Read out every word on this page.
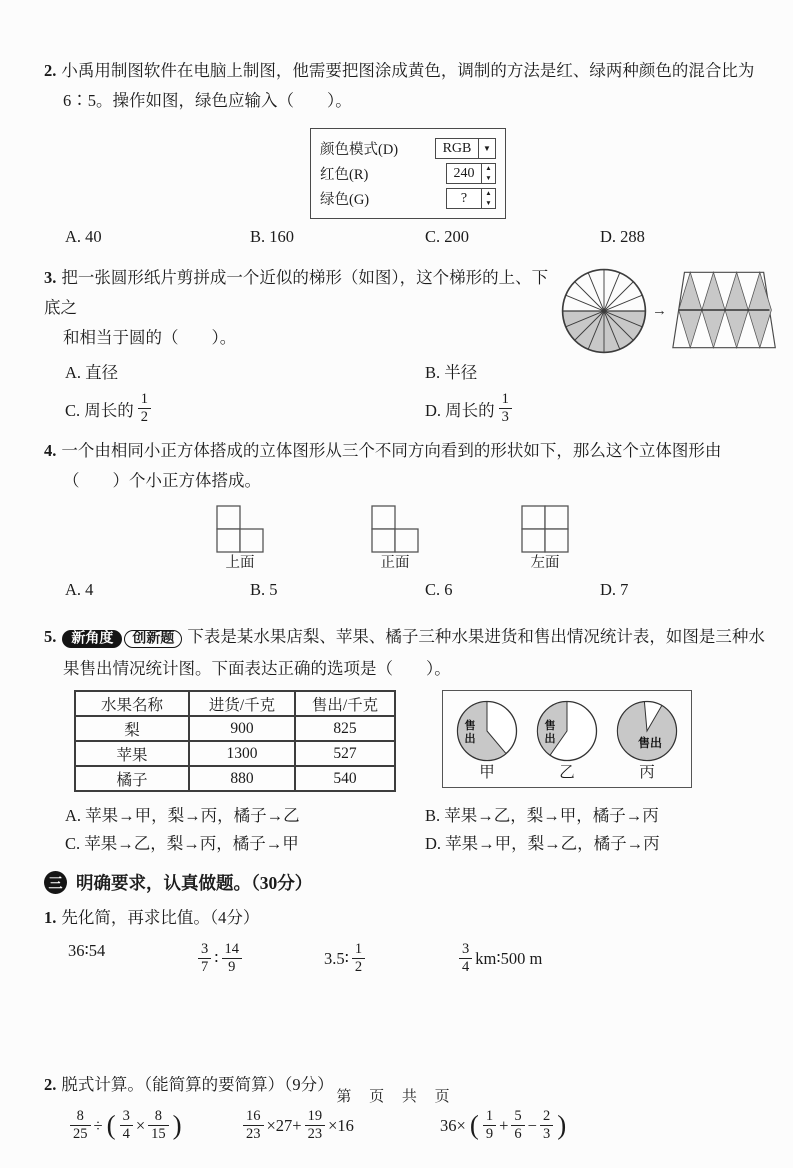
2. 小禹用制图软件在电脑上制图，他需要把图涂成黄色，调制的方法是红、绿两种颜色的混合比为

6∶5。操作如图，绿色应输入（　　）。

颜色模式(D)	RGB	▼
红色(R)	240	▲
▼
绿色(G)	?	▲
▼
A. 40	B. 160	C. 200	D. 288

3. 把一张圆形纸片剪拼成一个近似的梯形（如图），这个梯形的上、下底之

和相当于圆的（　　）。

A. 直径	B. 半径
C. 周长的 $\frac{1}{2}$	D. 周长的 $\frac{1}{3}$
→

4. 一个由相同小正方体搭成的立体图形从三个不同方向看到的形状如下，那么这个立体图形由

（　　）个小正方体搭成。

上面	正面	左面
A. 4	B. 5	C. 6	D. 7

5. 新角度 创新题 下表是某水果店梨、苹果、橘子三种水果进货和售出情况统计表，如图是三种水

果售出情况统计图。下面表达正确的选项是（　　）。

水果名称	进货/千克	售出/千克
梨	900	825
苹果	1300	527
橘子	880	540
售
出
甲
售
出
乙
售出
丙
A. 苹果→甲，梨→丙，橘子→乙	B. 苹果→乙，梨→甲，橘子→丙
C. 苹果→乙，梨→丙，橘子→甲	D. 苹果→甲，梨→乙，橘子→丙
三 明确要求，认真做题。（30分）

1. 先化简，再求比值。（4分）

36∶54	$\frac{3}{7}$ ∶ $\frac{14}{9}$	3.5∶ $\frac{1}{2}$	$\frac{3}{4}$ km∶500 m

2. 脱式计算。（能简算的要简算）（9分）

$\frac{8}{25}$ ÷ ( $\frac{3}{4} \times \frac{8}{15}$ )	$\frac{16}{23} \times 27+ \frac{19}{23} \times 16$	36× ( $\frac{1}{9} + \frac{5}{6} - \frac{2}{3}$ )
第 页 共 页
